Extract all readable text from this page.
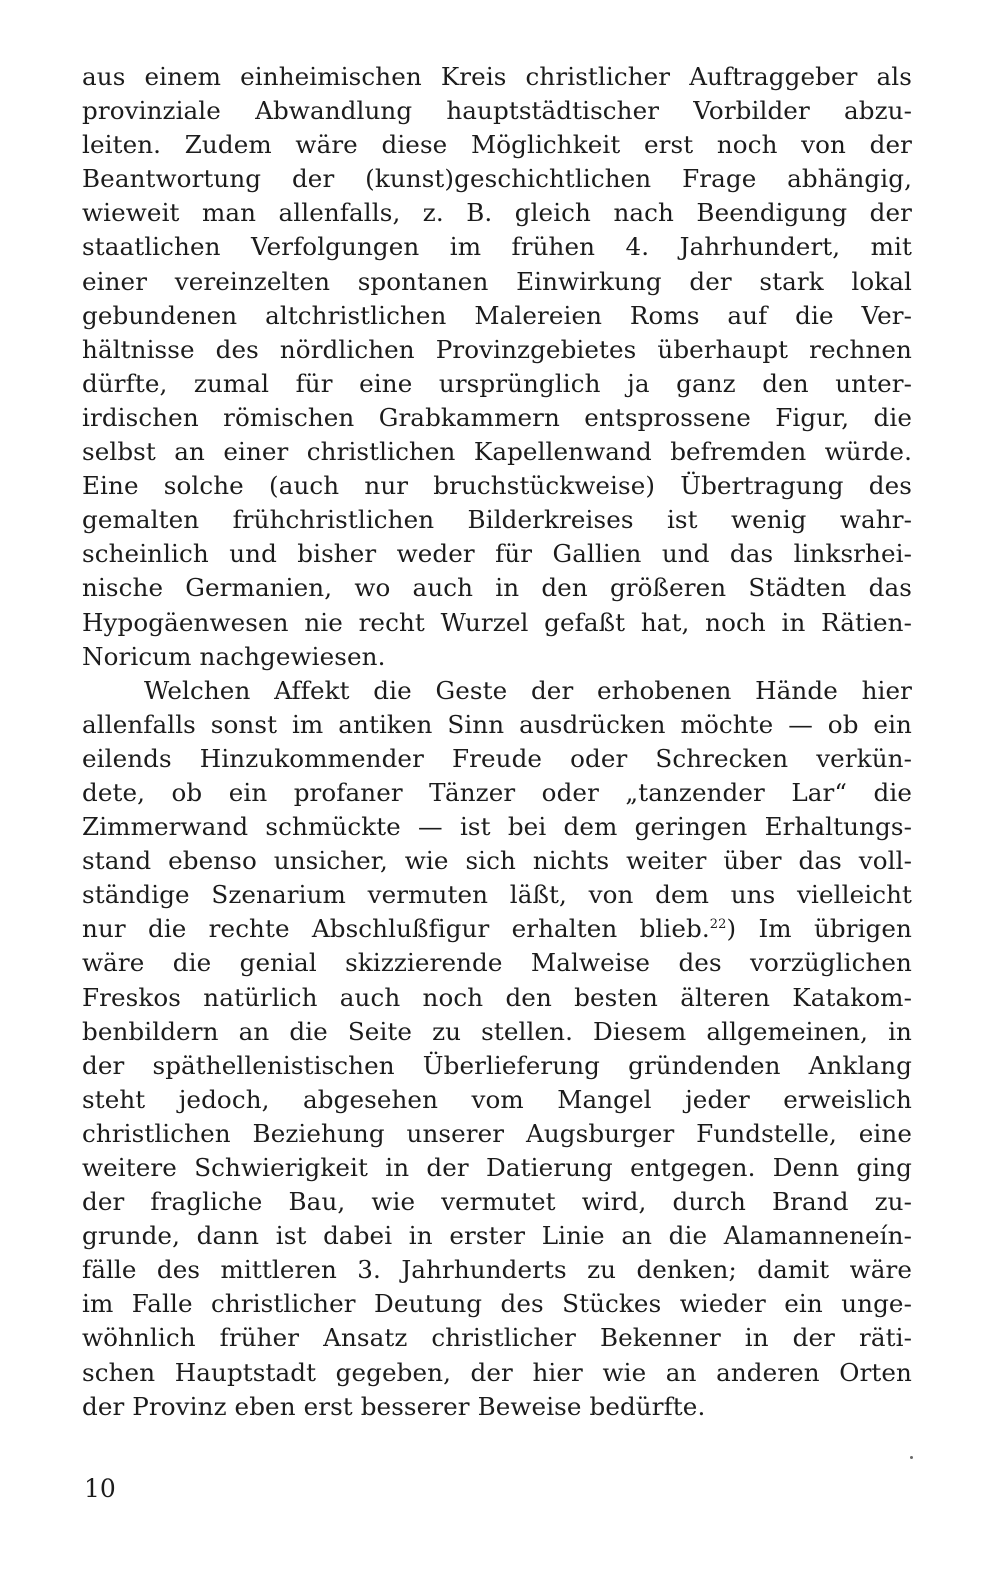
aus einem einheimischen Kreis christlicher Auftraggeber als
provinziale Abwandlung hauptstädtischer Vorbilder abzu-
leiten. Zudem wäre diese Möglichkeit erst noch von der
Beantwortung der (kunst)geschichtlichen Frage abhängig,
wieweit man allenfalls, z. B. gleich nach Beendigung der
staatlichen Verfolgungen im frühen 4. Jahrhundert, mit
einer vereinzelten spontanen Einwirkung der stark lokal
gebundenen altchristlichen Malereien Roms auf die Ver-
hältnisse des nördlichen Provinzgebietes überhaupt rechnen
dürfte, zumal für eine ursprünglich ja ganz den unter-
irdischen römischen Grabkammern entsprossene Figur, die
selbst an einer christlichen Kapellenwand befremden würde.
Eine solche (auch nur bruchstückweise) Übertragung des
gemalten frühchristlichen Bilderkreises ist wenig wahr-
scheinlich und bisher weder für Gallien und das linksrhei-
nische Germanien, wo auch in den größeren Städten das
Hypogäenwesen nie recht Wurzel gefaßt hat, noch in Rätien-
Noricum nachgewiesen.
Welchen Affekt die Geste der erhobenen Hände hier
allenfalls sonst im antiken Sinn ausdrücken möchte — ob ein
eilends Hinzukommender Freude oder Schrecken verkün-
dete, ob ein profaner Tänzer oder „tanzender Lar“ die
Zimmerwand schmückte — ist bei dem geringen Erhaltungs-
stand ebenso unsicher, wie sich nichts weiter über das voll-
ständige Szenarium vermuten läßt, von dem uns vielleicht
nur die rechte Abschlußfigur erhalten blieb.$^{22}$) Im übrigen
wäre die genial skizzierende Malweise des vorzüglichen
Freskos natürlich auch noch den besten älteren Katakom-
benbildern an die Seite zu stellen. Diesem allgemeinen, in
der späthellenistischen Überlieferung gründenden Anklang
steht jedoch, abgesehen vom Mangel jeder erweislich
christlichen Beziehung unserer Augsburger Fundstelle, eine
weitere Schwierigkeit in der Datierung entgegen. Denn ging
der fragliche Bau, wie vermutet wird, durch Brand zu-
grunde, dann ist dabei in erster Linie an die Alamanneneín-
fälle des mittleren 3. Jahrhunderts zu denken; damit wäre
im Falle christlicher Deutung des Stückes wieder ein unge-
wöhnlich früher Ansatz christlicher Bekenner in der räti-
schen Hauptstadt gegeben, der hier wie an anderen Orten
der Provinz eben erst besserer Beweise bedürfte.
10
